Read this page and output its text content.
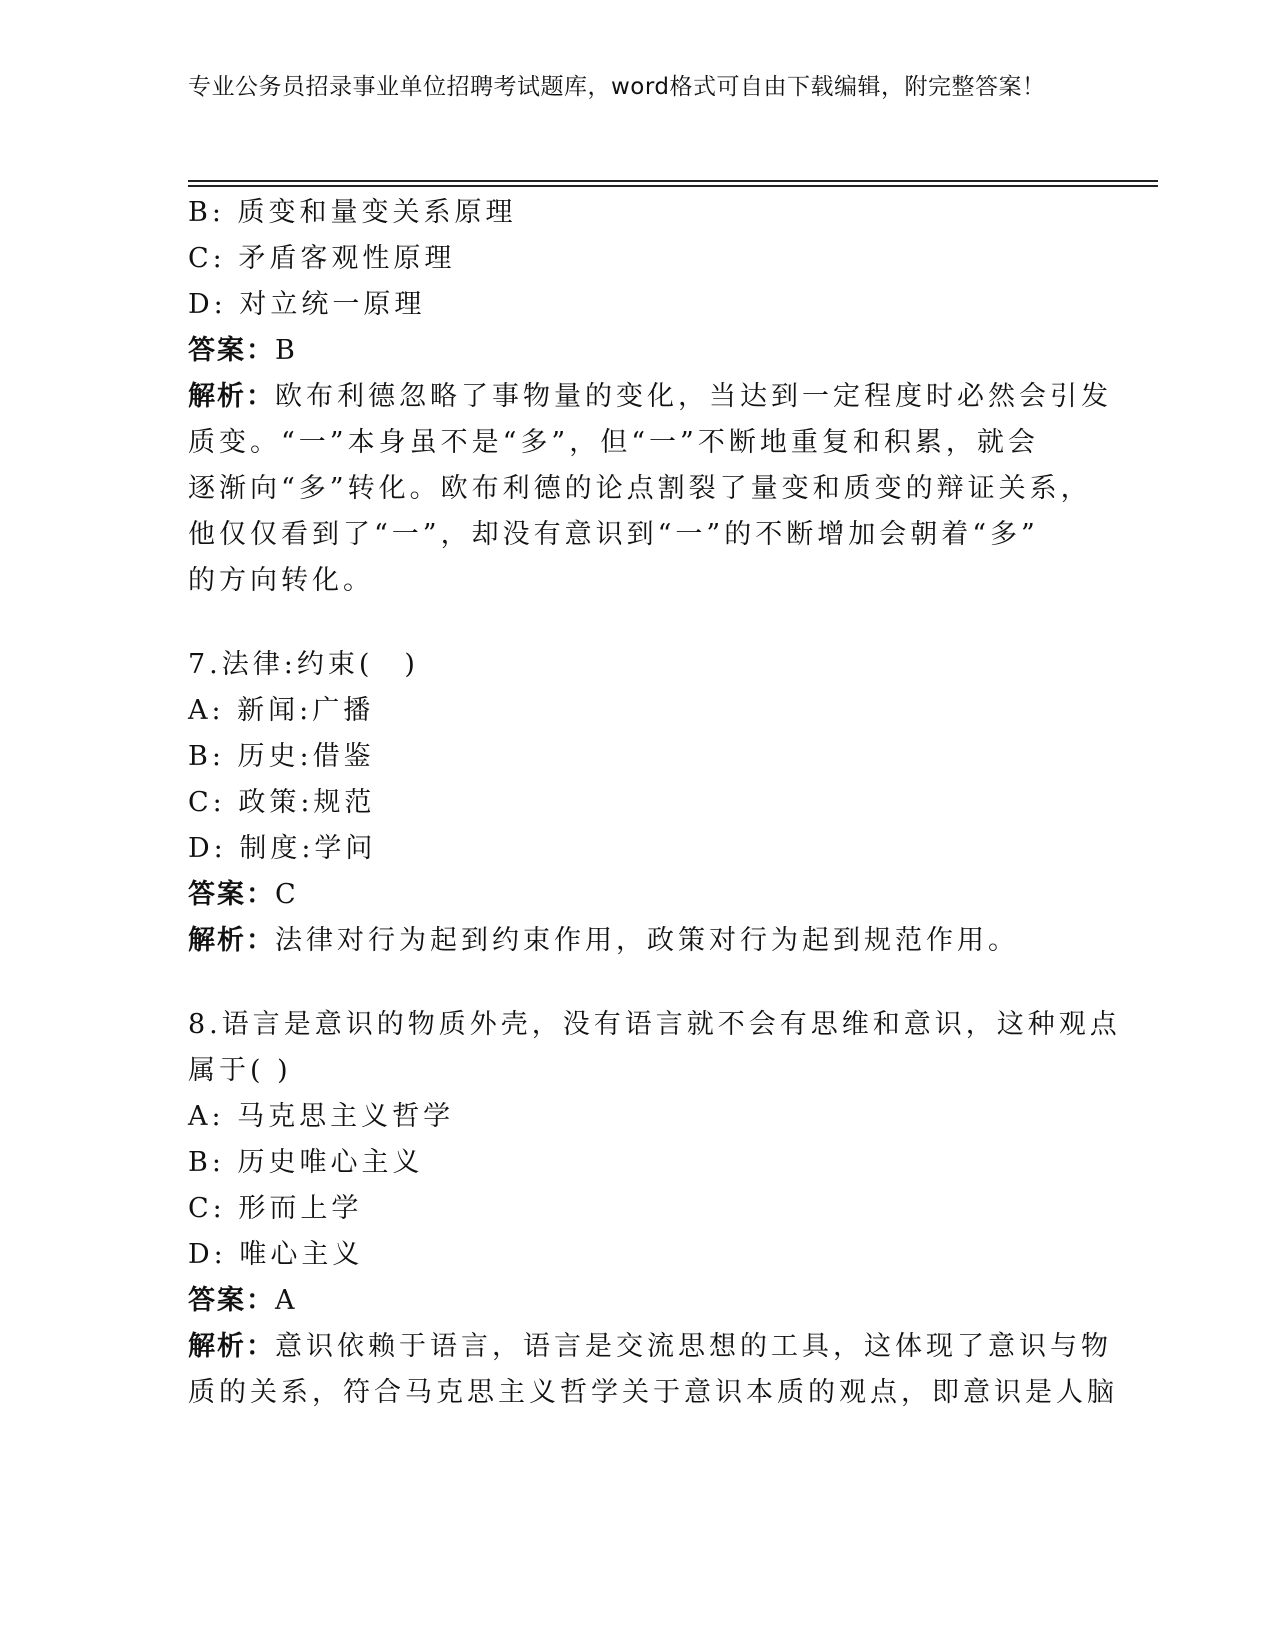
专业公务员招录事业单位招聘考试题库，word格式可自由下载编辑，附完整答案！
B: 质变和量变关系原理
C: 矛盾客观性原理
D: 对立统一原理
答案：B
解析：欧布利德忽略了事物量的变化，当达到一定程度时必然会引发
质变。“一”本身虽不是“多”，但“一”不断地重复和积累，就会
逐渐向“多”转化。欧布利德的论点割裂了量变和质变的辩证关系，
他仅仅看到了“一”，却没有意识到“一”的不断增加会朝着“多”
的方向转化。
7.法律:约束(　)
A: 新闻:广播
B: 历史:借鉴
C: 政策:规范
D: 制度:学问
答案：C
解析：法律对行为起到约束作用，政策对行为起到规范作用。
8.语言是意识的物质外壳，没有语言就不会有思维和意识，这种观点
属于( )
A: 马克思主义哲学
B: 历史唯心主义
C: 形而上学
D: 唯心主义
答案：A
解析：意识依赖于语言，语言是交流思想的工具，这体现了意识与物
质的关系，符合马克思主义哲学关于意识本质的观点，即意识是人脑
